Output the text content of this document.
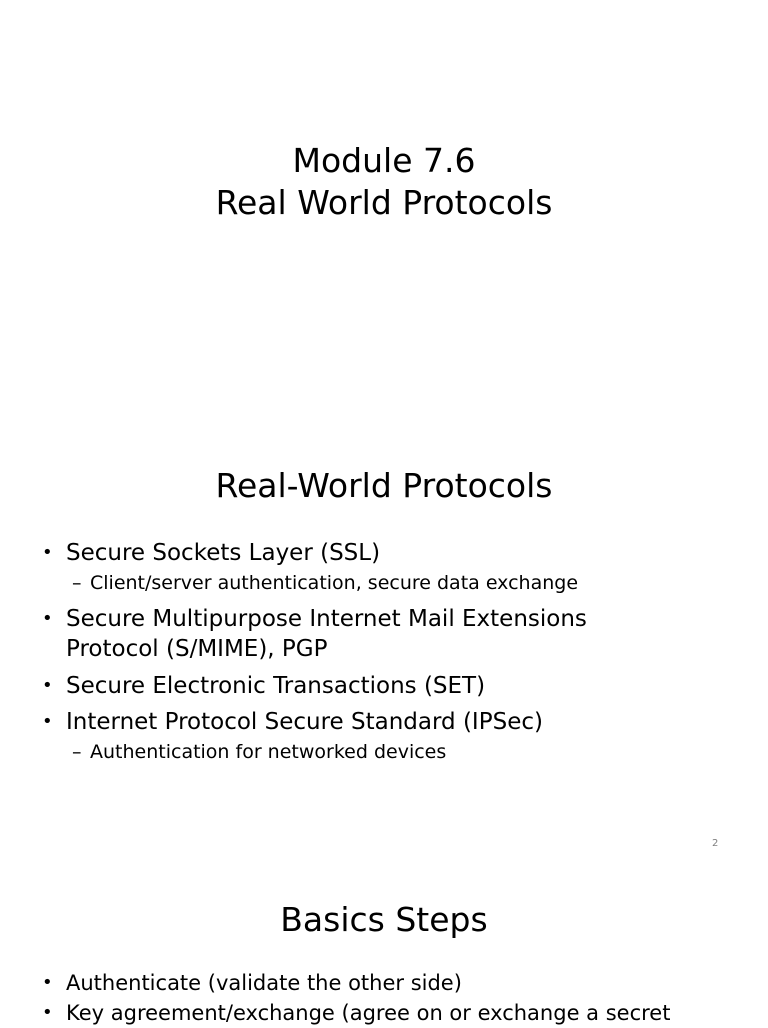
Module 7.6
Real World Protocols
Real-World Protocols
• Secure Sockets Layer (SSL)
– Client/server authentication, secure data exchange
• Secure Multipurpose Internet Mail Extensions
Protocol (S/MIME), PGP
• Secure Electronic Transactions (SET)
• Internet Protocol Secure Standard (IPSec)
– Authentication for networked devices
2
Basics Steps
• Authenticate (validate the other side)
• Key agreement/exchange (agree on or exchange a secret
